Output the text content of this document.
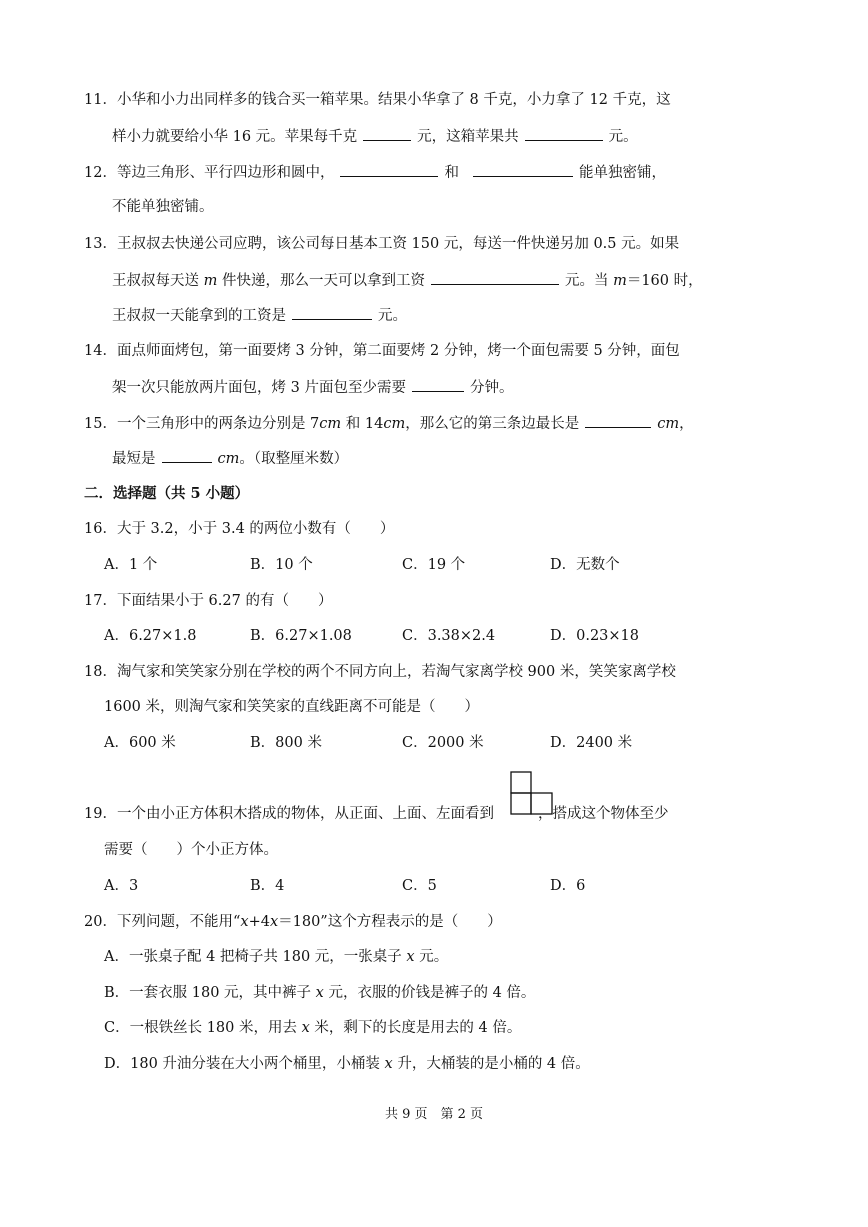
11．小华和小力出同样多的钱合买一箱苹果。结果小华拿了 8 千克，小力拿了 12 千克，这
样小力就要给小华 16 元。苹果每千克	元，这箱苹果共	元。
12．等边三角形、平行四边形和圆中，	和	能单独密铺，
不能单独密铺。
13．王叔叔去快递公司应聘，该公司每日基本工资 150 元，每送一件快递另加 0.5 元。如果
王叔叔每天送 m 件快递，那么一天可以拿到工资	元。当 m＝160 时，
王叔叔一天能拿到的工资是	元。
14．面点师面烤包，第一面要烤 3 分钟，第二面要烤 2 分钟，烤一个面包需要 5 分钟，面包
架一次只能放两片面包，烤 3 片面包至少需要	分钟。
15．一个三角形中的两条边分别是 7cm 和 14cm，那么它的第三条边最长是	cm，
最短是	cm。（取整厘米数）
二．选择题（共 5 小题）
16．大于 3.2，小于 3.4 的两位小数有（　　）
A．1 个	B．10 个	C．19 个	D．无数个
17．下面结果小于 6.27 的有（　　）
A．6.27×1.8	B．6.27×1.08	C．3.38×2.4	D．0.23×18
18．淘气家和笑笑家分别在学校的两个不同方向上，若淘气家离学校 900 米，笑笑家离学校
1600 米，则淘气家和笑笑家的直线距离不可能是（　　）
A．600 米	B．800 米	C．2000 米	D．2400 米
19．一个由小正方体积木搭成的物体，从正面、上面、左面看到	，搭成这个物体至少
需要（　　）个小正方体。
A．3	B．4	C．5	D．6
20．下列问题，不能用“x+4x＝180”这个方程表示的是（　　）
A．一张桌子配 4 把椅子共 180 元，一张桌子 x 元。
B．一套衣服 180 元，其中裤子 x 元，衣服的价钱是裤子的 4 倍。
C．一根铁丝长 180 米，用去 x 米，剩下的长度是用去的 4 倍。
D．180 升油分装在大小两个桶里，小桶装 x 升，大桶装的是小桶的 4 倍。
共 9 页　第 2 页
